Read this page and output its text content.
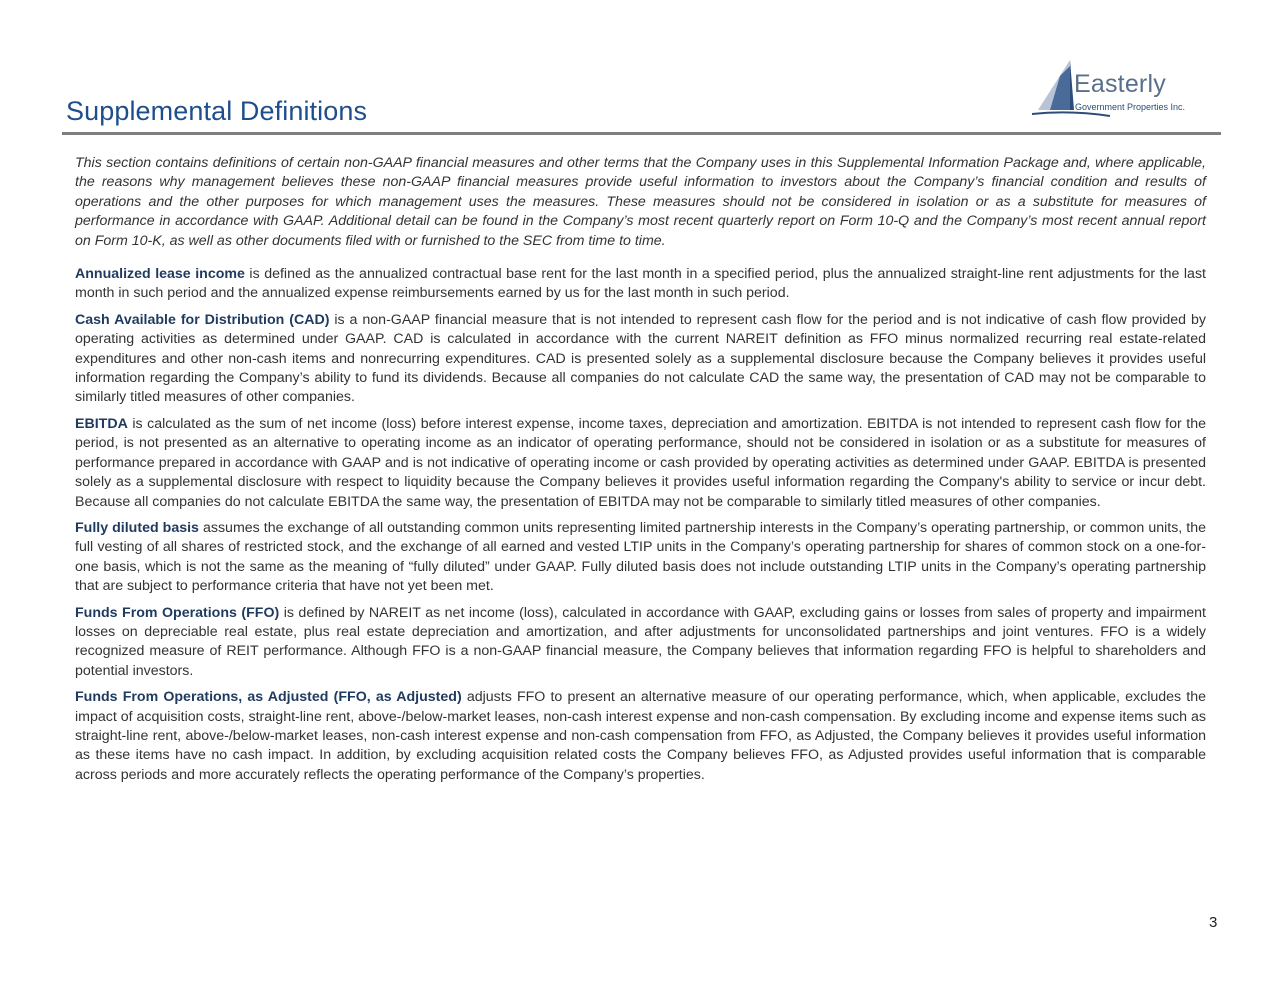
Supplemental Definitions
Easterly
Government Properties Inc.

This section contains definitions of certain non-GAAP financial measures and other terms that the Company uses in this Supplemental Information Package and, where applicable, the reasons why management believes these non-GAAP financial measures provide useful information to investors about the Company’s financial condition and results of operations and the other purposes for which management uses the measures. These measures should not be considered in isolation or as a substitute for measures of performance in accordance with GAAP. Additional detail can be found in the Company’s most recent quarterly report on Form 10-Q and the Company’s most recent annual report on Form 10-K, as well as other documents filed with or furnished to the SEC from time to time.

Annualized lease income is defined as the annualized contractual base rent for the last month in a specified period, plus the annualized straight-line rent adjustments for the last month in such period and the annualized expense reimbursements earned by us for the last month in such period.

Cash Available for Distribution (CAD) is a non-GAAP financial measure that is not intended to represent cash flow for the period and is not indicative of cash flow provided by operating activities as determined under GAAP. CAD is calculated in accordance with the current NAREIT definition as FFO minus normalized recurring real estate-related expenditures and other non-cash items and nonrecurring expenditures. CAD is presented solely as a supplemental disclosure because the Company believes it provides useful information regarding the Company’s ability to fund its dividends. Because all companies do not calculate CAD the same way, the presentation of CAD may not be comparable to similarly titled measures of other companies.

EBITDA is calculated as the sum of net income (loss) before interest expense, income taxes, depreciation and amortization. EBITDA is not intended to represent cash flow for the period, is not presented as an alternative to operating income as an indicator of operating performance, should not be considered in isolation or as a substitute for measures of performance prepared in accordance with GAAP and is not indicative of operating income or cash provided by operating activities as determined under GAAP. EBITDA is presented solely as a supplemental disclosure with respect to liquidity because the Company believes it provides useful information regarding the Company's ability to service or incur debt. Because all companies do not calculate EBITDA the same way, the presentation of EBITDA may not be comparable to similarly titled measures of other companies.

Fully diluted basis assumes the exchange of all outstanding common units representing limited partnership interests in the Company’s operating partnership, or common units, the full vesting of all shares of restricted stock, and the exchange of all earned and vested LTIP units in the Company’s operating partnership for shares of common stock on a one-for-one basis, which is not the same as the meaning of “fully diluted” under GAAP. Fully diluted basis does not include outstanding LTIP units in the Company’s operating partnership that are subject to performance criteria that have not yet been met.

Funds From Operations (FFO) is defined by NAREIT as net income (loss), calculated in accordance with GAAP, excluding gains or losses from sales of property and impairment losses on depreciable real estate, plus real estate depreciation and amortization, and after adjustments for unconsolidated partnerships and joint ventures. FFO is a widely recognized measure of REIT performance. Although FFO is a non-GAAP financial measure, the Company believes that information regarding FFO is helpful to shareholders and potential investors.

Funds From Operations, as Adjusted (FFO, as Adjusted) adjusts FFO to present an alternative measure of our operating performance, which, when applicable, excludes the impact of acquisition costs, straight-line rent, above-/below-market leases, non-cash interest expense and non-cash compensation. By excluding income and expense items such as straight-line rent, above-/below-market leases, non-cash interest expense and non-cash compensation from FFO, as Adjusted, the Company believes it provides useful information as these items have no cash impact. In addition, by excluding acquisition related costs the Company believes FFO, as Adjusted provides useful information that is comparable across periods and more accurately reflects the operating performance of the Company’s properties.

3
